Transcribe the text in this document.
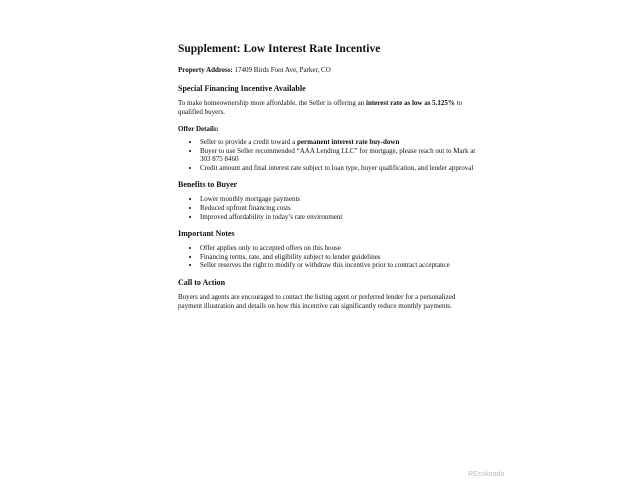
Supplement: Low Interest Rate Incentive

Property Address: 17409 Birds Foot Ave, Parker, CO

Special Financing Incentive Available

To make homeownership more affordable, the Seller is offering an interest rate as low as 5.125% to qualified buyers.

Offer Details:

• Seller to provide a credit toward a permanent interest rate buy-down
• Buyer to use Seller recommended “AAA Lending LLC” for mortgage, please reach out to Mark at 303 875 8460
• Credit amount and final interest rate subject to loan type, buyer qualification, and lender approval
Benefits to Buyer
• Lower monthly mortgage payments
• Reduced upfront financing costs
• Improved affordability in today’s rate environment
Important Notes
• Offer applies only to accepted offers on this house
• Financing terms, rate, and eligibility subject to lender guidelines
• Seller reserves the right to modify or withdraw this incentive prior to contract acceptance
Call to Action

Buyers and agents are encouraged to contact the listing agent or preferred lender for a personalized payment illustration and details on how this incentive can significantly reduce monthly payments.

REcolorado
